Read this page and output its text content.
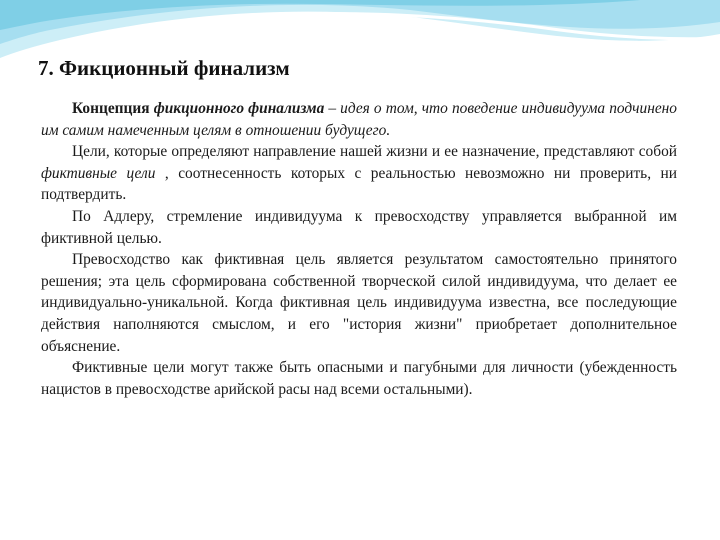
7. Фикционный финализм

Концепция фикционного финализма – идея о том, что поведение индивидуума подчинено им самим намеченным целям в отношении будущего.

Цели, которые определяют направление нашей жизни и ее назначение, представляют собой фиктивные цели , соотнесенность которых с реальностью невозможно ни проверить, ни подтвердить.

По Адлеру, стремление индивидуума к превосходству управляется выбранной им фиктивной целью.

Превосходство как фиктивная цель является результатом самостоятельно принятого решения; эта цель сформирована собственной творческой силой индивидуума, что делает ее индивидуально-уникальной. Когда фиктивная цель индивидуума известна, все последующие действия наполняются смыслом, и его "история жизни" приобретает дополнительное объяснение.

Фиктивные цели могут также быть опасными и пагубными для личности (убежденность нацистов в превосходстве арийской расы над всеми остальными).
